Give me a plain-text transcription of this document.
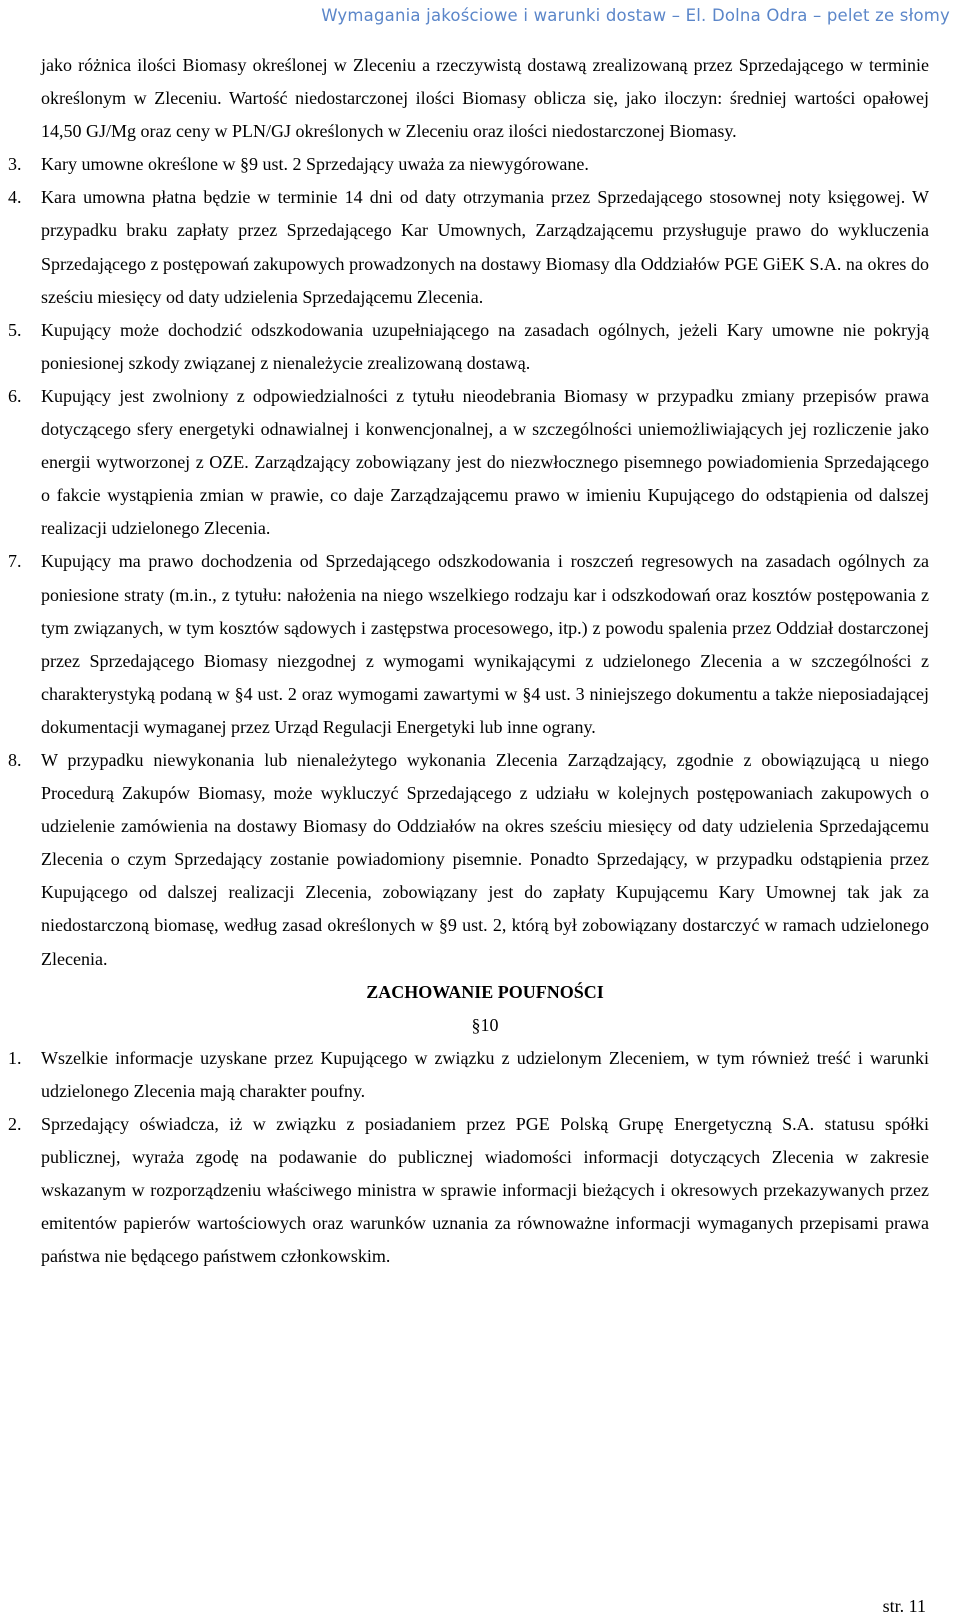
Wymagania jakościowe i warunki dostaw – El. Dolna Odra – pelet ze słomy
jako różnica ilości Biomasy określonej w Zleceniu a rzeczywistą dostawą zrealizowaną przez Sprzedającego w terminie określonym w Zleceniu. Wartość niedostarczonej ilości Biomasy oblicza się, jako iloczyn: średniej wartości opałowej 14,50 GJ/Mg oraz ceny w PLN/GJ określonych w Zleceniu oraz ilości niedostarczonej Biomasy.
3. Kary umowne określone w §9 ust. 2 Sprzedający uważa za niewygórowane.
4. Kara umowna płatna będzie w terminie 14 dni od daty otrzymania przez Sprzedającego stosownej noty księgowej. W przypadku braku zapłaty przez Sprzedającego Kar Umownych, Zarządzającemu przysługuje prawo do wykluczenia Sprzedającego z postępowań zakupowych prowadzonych na dostawy Biomasy dla Oddziałów PGE GiEK S.A. na okres do sześciu miesięcy od daty udzielenia Sprzedającemu Zlecenia.
5. Kupujący może dochodzić odszkodowania uzupełniającego na zasadach ogólnych, jeżeli Kary umowne nie pokryją poniesionej szkody związanej z nienależycie zrealizowaną dostawą.
6. Kupujący jest zwolniony z odpowiedzialności z tytułu nieodebrania Biomasy w przypadku zmiany przepisów prawa dotyczącego sfery energetyki odnawialnej i konwencjonalnej, a w szczególności uniemożliwiających jej rozliczenie jako energii wytworzonej z OZE. Zarządzający zobowiązany jest do niezwłocznego pisemnego powiadomienia Sprzedającego o fakcie wystąpienia zmian w prawie, co daje Zarządzającemu prawo w imieniu Kupującego do odstąpienia od dalszej realizacji udzielonego Zlecenia.
7. Kupujący ma prawo dochodzenia od Sprzedającego odszkodowania i roszczeń regresowych na zasadach ogólnych za poniesione straty (m.in., z tytułu: nałożenia na niego wszelkiego rodzaju kar i odszkodowań oraz kosztów postępowania z tym związanych, w tym kosztów sądowych i zastępstwa procesowego, itp.) z powodu spalenia przez Oddział dostarczonej przez Sprzedającego Biomasy niezgodnej z wymogami wynikającymi z udzielonego Zlecenia a w szczególności z charakterystyką podaną w §4 ust. 2 oraz wymogami zawartymi w §4 ust. 3 niniejszego dokumentu a także nieposiadającej dokumentacji wymaganej przez Urząd Regulacji Energetyki lub inne ograny.
8. W przypadku niewykonania lub nienależytego wykonania Zlecenia Zarządzający, zgodnie z obowiązującą u niego Procedurą Zakupów Biomasy, może wykluczyć Sprzedającego z udziału w kolejnych postępowaniach zakupowych o udzielenie zamówienia na dostawy Biomasy do Oddziałów na okres sześciu miesięcy od daty udzielenia Sprzedającemu Zlecenia o czym Sprzedający zostanie powiadomiony pisemnie. Ponadto Sprzedający, w przypadku odstąpienia przez Kupującego od dalszej realizacji Zlecenia, zobowiązany jest do zapłaty Kupującemu Kary Umownej tak jak za niedostarczoną biomasę, według zasad określonych w §9 ust. 2, którą był zobowiązany dostarczyć w ramach udzielonego Zlecenia.
ZACHOWANIE POUFNOŚCI
§10
1. Wszelkie informacje uzyskane przez Kupującego w związku z udzielonym Zleceniem, w tym również treść i warunki udzielonego Zlecenia mają charakter poufny.
2. Sprzedający oświadcza, iż w związku z posiadaniem przez PGE Polską Grupę Energetyczną S.A. statusu spółki publicznej, wyraża zgodę na podawanie do publicznej wiadomości informacji dotyczących Zlecenia w zakresie wskazanym w rozporządzeniu właściwego ministra w sprawie informacji bieżących i okresowych przekazywanych przez emitentów papierów wartościowych oraz warunków uznania za równoważne informacji wymaganych przepisami prawa państwa nie będącego państwem członkowskim.
str. 11
